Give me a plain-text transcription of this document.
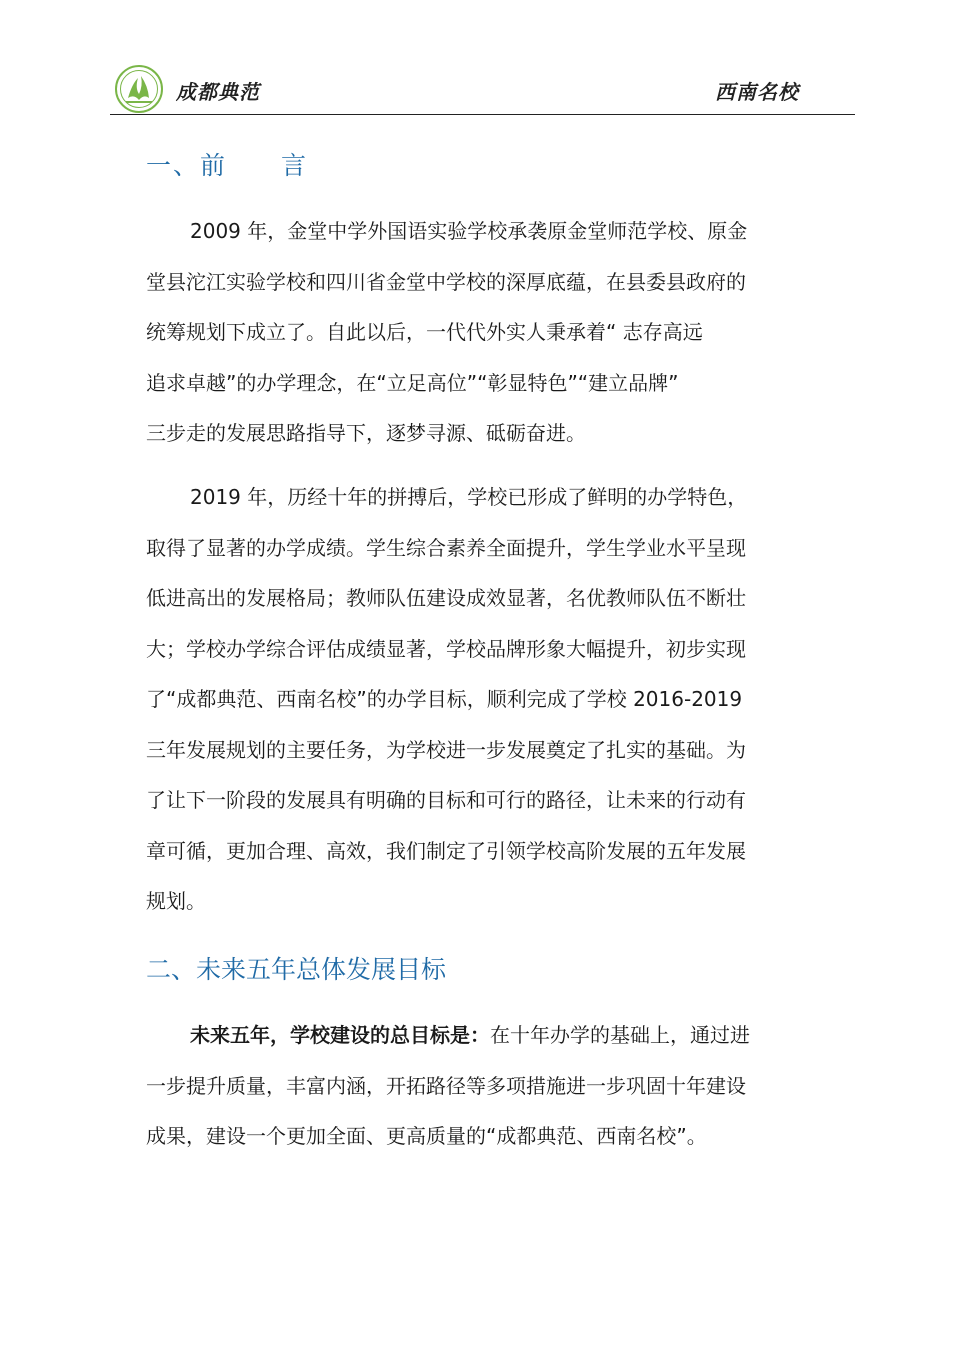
成都典范	西南名校
一、前　　言
2009 年，金堂中学外国语实验学校承袭原金堂师范学校、原金
堂县沱江实验学校和四川省金堂中学校的深厚底蕴，在县委县政府的
统筹规划下成立了。自此以后，一代代外实人秉承着“ 志存高远
追求卓越”的办学理念，在“立足高位”“彰显特色”“建立品牌”
三步走的发展思路指导下，逐梦寻源、砥砺奋进。
2019 年，历经十年的拼搏后，学校已形成了鲜明的办学特色，
取得了显著的办学成绩。学生综合素养全面提升，学生学业水平呈现
低进高出的发展格局；教师队伍建设成效显著，名优教师队伍不断壮
大；学校办学综合评估成绩显著，学校品牌形象大幅提升，初步实现
了“成都典范、西南名校”的办学目标，顺利完成了学校 2016-2019
三年发展规划的主要任务，为学校进一步发展奠定了扎实的基础。为
了让下一阶段的发展具有明确的目标和可行的路径，让未来的行动有
章可循，更加合理、高效，我们制定了引领学校高阶发展的五年发展
规划。
二、未来五年总体发展目标
未来五年，学校建设的总目标是：在十年办学的基础上，通过进
一步提升质量，丰富内涵，开拓路径等多项措施进一步巩固十年建设
成果，建设一个更加全面、更高质量的“成都典范、西南名校”。
